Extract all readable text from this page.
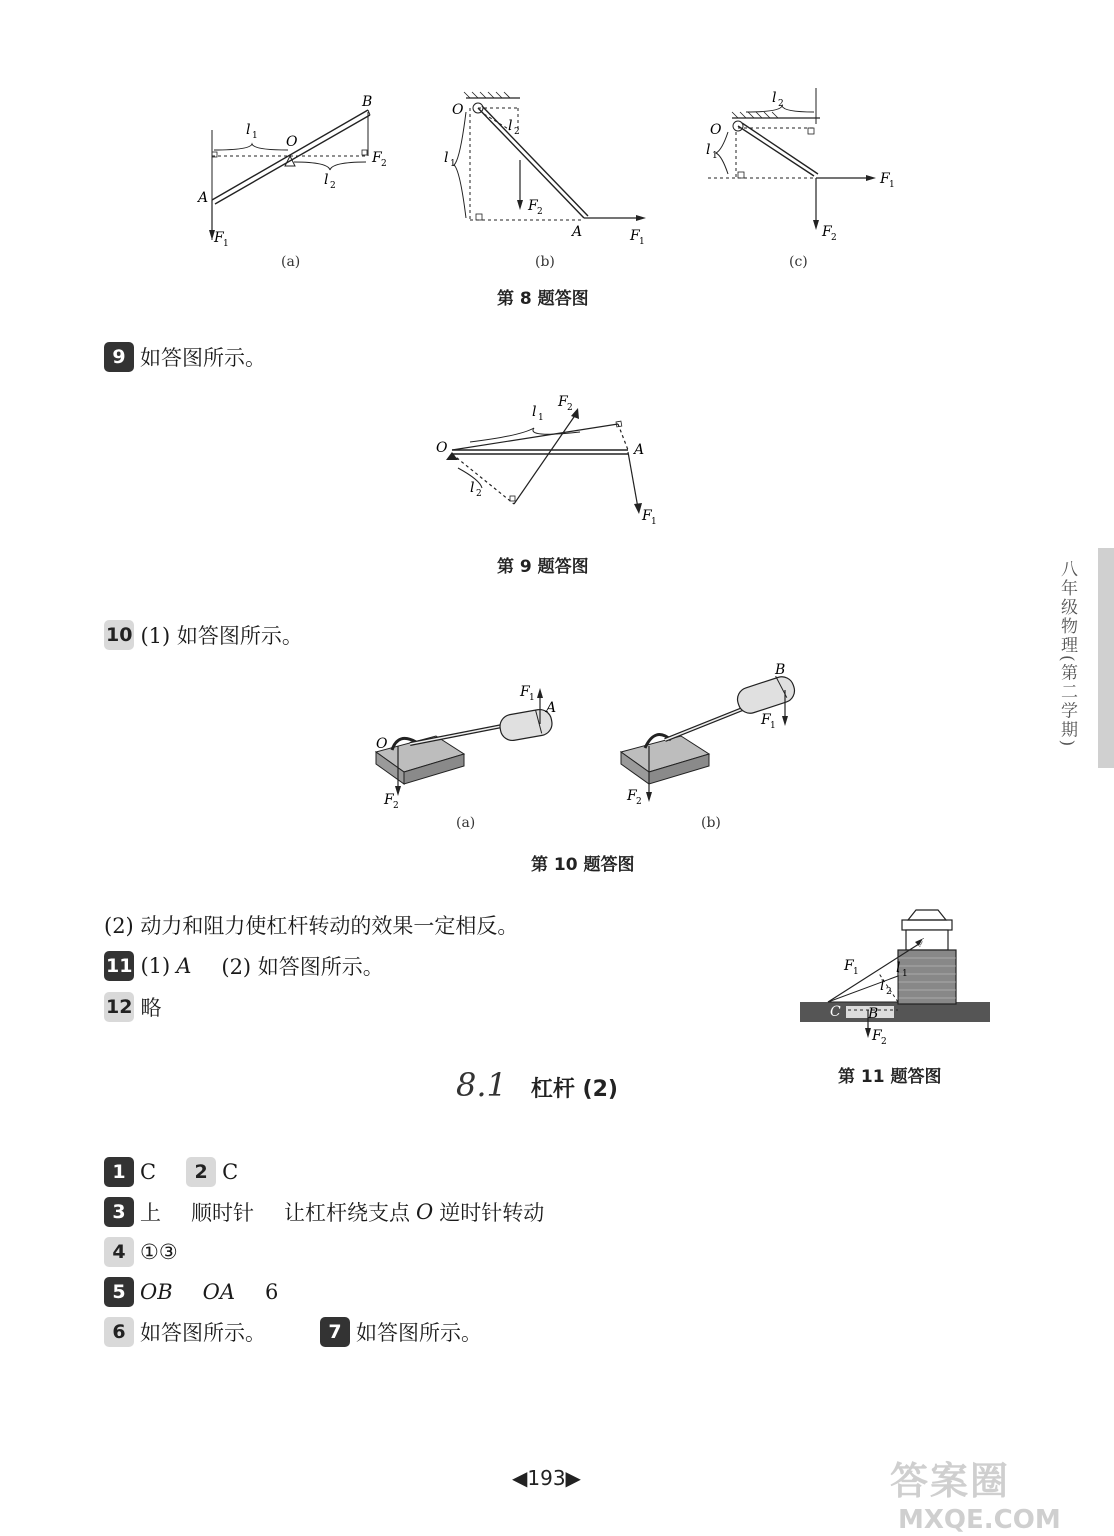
l 1 O
B
F 2
l 2
A
F 1
(a)
O
l 2
l 1
F 2
A	F 1
(b)
l 2
O
l 1
F 1
F 2
(c)
第 8 题答图
9 如答图所示。
O	A
l 1
F 2
l 2
F 1
第 9 题答图
10 (1) 如答图所示。
F 1
A
O
F 2
(a)
B
F 1
F 2
(b)
第 10 题答图
(2) 动力和阻力使杠杆转动的效果一定相反。
11 (1) A (2) 如答图所示。
12 略
F 1	l 1
l 2
A
C B
F 2
第 11 题答图
8.1 杠杆 (2)
1 C	2 C
3 上 顺时针 让杠杆绕支点 O 逆时针转动
4 ①③
5 OB OA 6
6 如答图所示。	7 如答图所示。
八年级物理(第二学期)
◀193▶	答案圈
MXQE.COM
